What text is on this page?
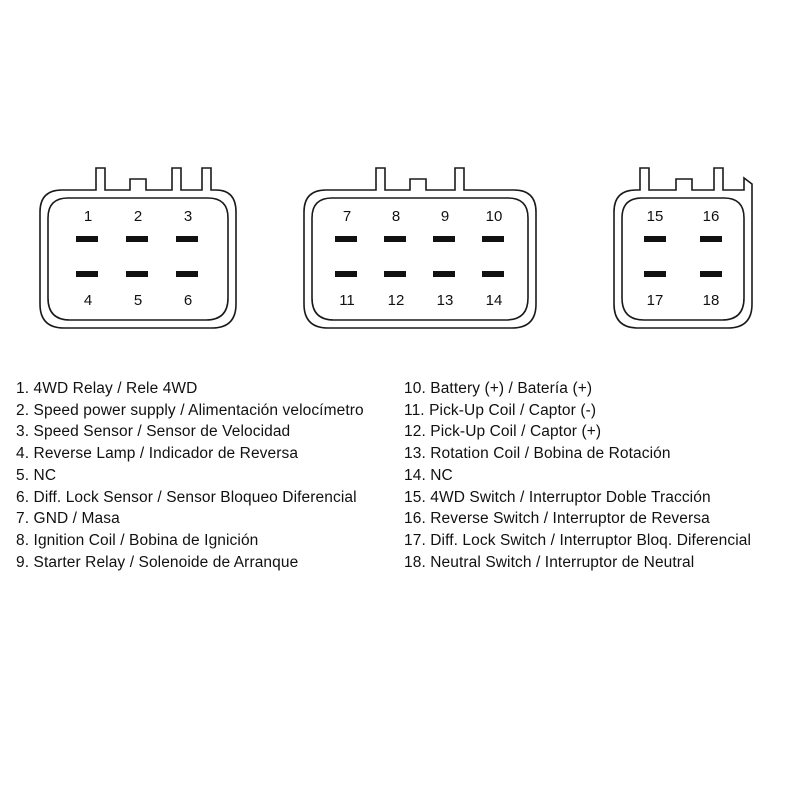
1	2	3
4	5	6
7	8	9 10
11 12 13 14
15	16
17	18
1. 4WD Relay / Rele 4WD
2. Speed power supply / Alimentación velocímetro
3. Speed Sensor / Sensor de Velocidad
4. Reverse Lamp / Indicador de Reversa
5. NC
6. Diff. Lock Sensor / Sensor Bloqueo Diferencial
7. GND / Masa
8. Ignition Coil / Bobina de Ignición
9. Starter Relay / Solenoide de Arranque
10. Battery (+) / Batería (+)
11. Pick-Up Coil / Captor (-)
12. Pick-Up Coil / Captor (+)
13. Rotation Coil / Bobina de Rotación
14. NC
15. 4WD Switch / Interruptor Doble Tracción
16. Reverse Switch / Interruptor de Reversa
17. Diff. Lock Switch / Interruptor Bloq. Diferencial
18. Neutral Switch / Interruptor de Neutral
